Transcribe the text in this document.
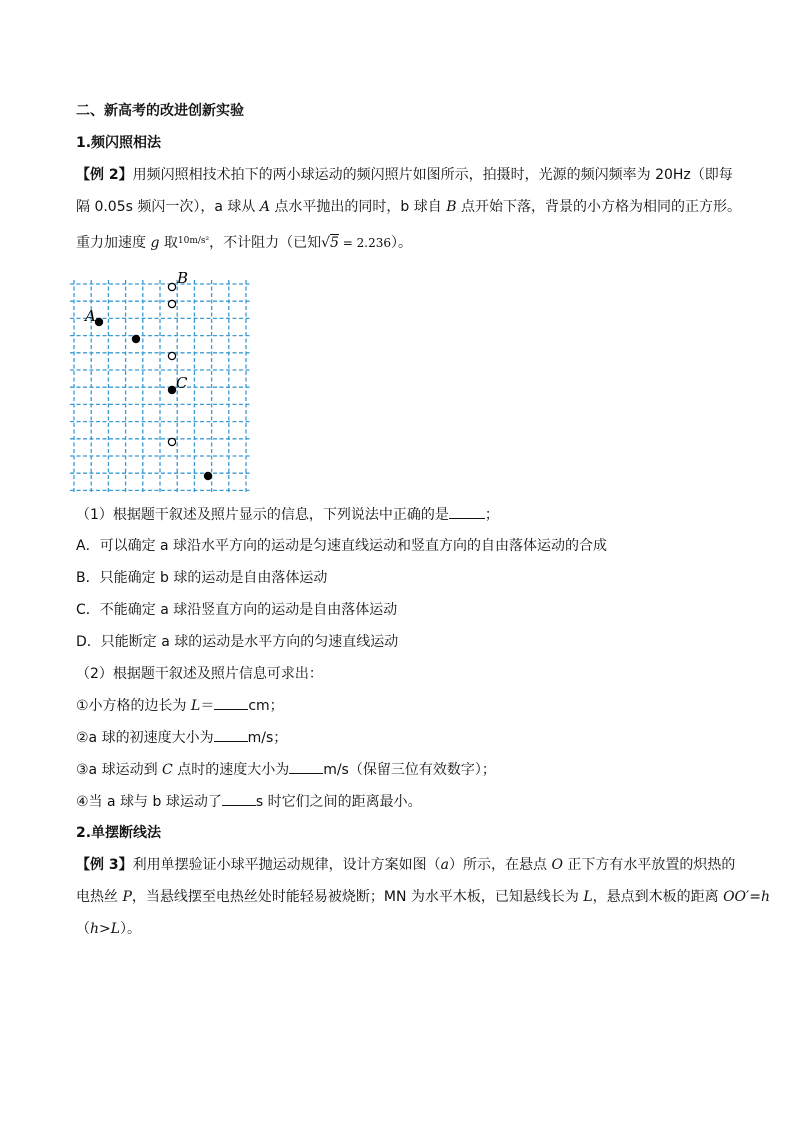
二、新高考的改进创新实验
1.频闪照相法
【例 2】用频闪照相技术拍下的两小球运动的频闪照片如图所示，拍摄时，光源的频闪频率为 20Hz（即每
隔 0.05s 频闪一次），a 球从 A 点水平抛出的同时，b 球自 B 点开始下落，背景的小方格为相同的正方形。
重力加速度 g 取$^{10m/s^2}$，不计阻力（已知√5 = 2.236）。
B
A
C
（1）根据题干叙述及照片显示的信息，下列说法中正确的是	；
A．可以确定 a 球沿水平方向的运动是匀速直线运动和竖直方向的自由落体运动的合成
B．只能确定 b 球的运动是自由落体运动
C．不能确定 a 球沿竖直方向的运动是自由落体运动
D．只能断定 a 球的运动是水平方向的匀速直线运动
（2）根据题干叙述及照片信息可求出：
①小方格的边长为 L＝ cm；
②a 球的初速度大小为 m/s；
③a 球运动到 C 点时的速度大小为 m/s（保留三位有效数字）；
④当 a 球与 b 球运动了 s 时它们之间的距离最小。
2.单摆断线法
【例 3】利用单摆验证小球平抛运动规律，设计方案如图（a）所示，在悬点 O 正下方有水平放置的炽热的
电热丝 P，当悬线摆至电热丝处时能轻易被烧断；MN 为水平木板，已知悬线长为 L，悬点到木板的距离 OO′=h
（h>L）。
